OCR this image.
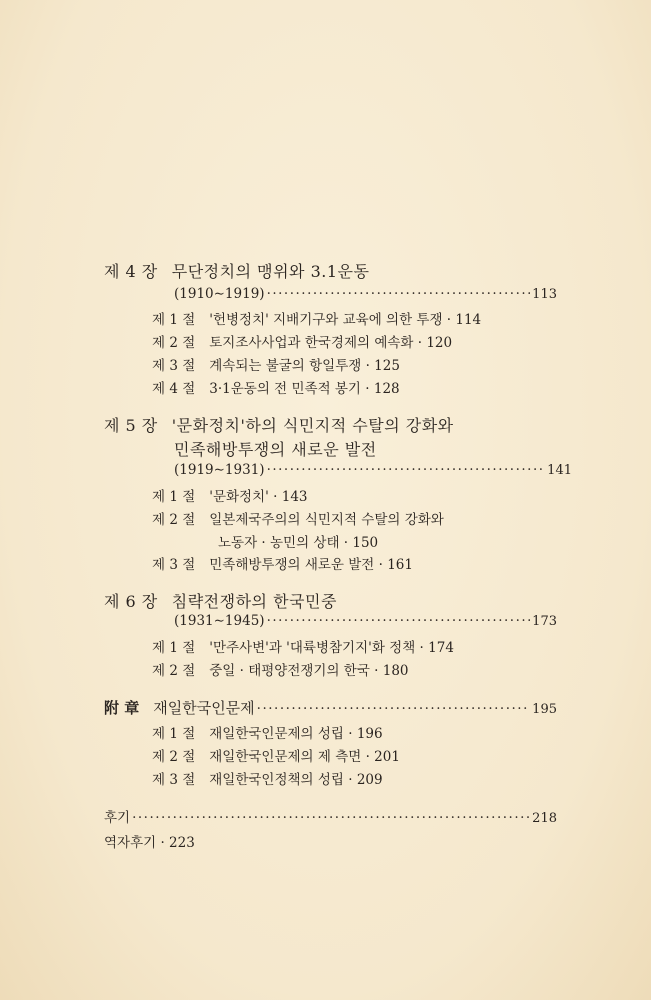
제 4 장 무단정치의 맹위와 3.1운동
(1910∼1919) ·····	113
제 1 절 '헌병정치' 지배기구와 교육에 의한 투쟁 · 114
제 2 절 토지조사사업과 한국경제의 예속화 · 120
제 3 절 계속되는 불굴의 항일투쟁 · 125
제 4 절 3·1운동의 전 민족적 봉기 · 128
제 5 장 '문화정치'하의 식민지적 수탈의 강화와
민족해방투쟁의 새로운 발전
(1919∼1931) ·····	141
제 1 절 '문화정치' · 143
제 2 절 일본제국주의의 식민지적 수탈의 강화와
노동자 · 농민의 상태 · 150
제 3 절 민족해방투쟁의 새로운 발전 · 161
제 6 장 침략전쟁하의 한국민중
(1931∼1945) ·····	173
제 1 절 '만주사변'과 '대륙병참기지'화 정책 · 174
제 2 절 중일 · 태평양전쟁기의 한국 · 180
附 章 재일한국인문제 ·····	195
제 1 절 재일한국인문제의 성립 · 196
제 2 절 재일한국인문제의 제 측면 · 201
제 3 절 재일한국인정책의 성립 · 209
후기 ·····	218
역자후기 · 223
